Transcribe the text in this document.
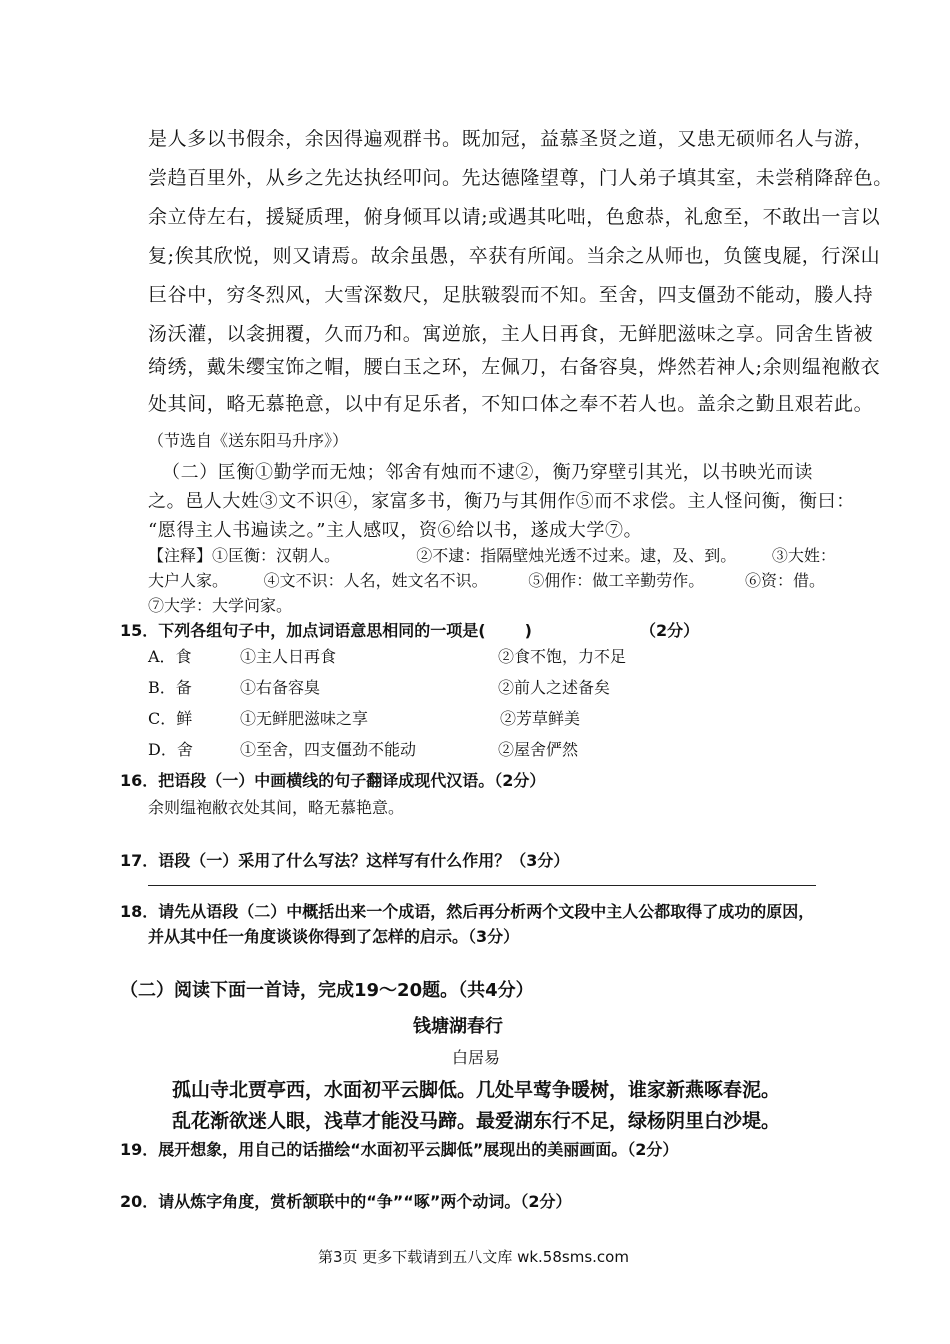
是人多以书假余，余因得遍观群书。既加冠，益慕圣贤之道，又患无硕师名人与游，
尝趋百里外，从乡之先达执经叩问。先达德隆望尊，门人弟子填其室，未尝稍降辞色。
余立侍左右，援疑质理，俯身倾耳以请;或遇其叱咄，色愈恭，礼愈至，不敢出一言以
复;俟其欣悦，则又请焉。故余虽愚，卒获有所闻。当余之从师也，负箧曳屣，行深山
巨谷中，穷冬烈风，大雪深数尺，足肤皲裂而不知。至舍，四支僵劲不能动，媵人持
汤沃灌，以衾拥覆，久而乃和。寓逆旅，主人日再食，无鲜肥滋味之享。同舍生皆被
绮绣，戴朱缨宝饰之帽，腰白玉之环，左佩刀，右备容臭，烨然若神人;余则缊袍敝衣
处其间，略无慕艳意，以中有足乐者，不知口体之奉不若人也。盖余之勤且艰若此。
（节选自《送东阳马升序》）
（二）匡衡①勤学而无烛；邻舍有烛而不逮②，衡乃穿壁引其光，以书映光而读
之。邑人大姓③文不识④，家富多书，衡乃与其佣作⑤而不求偿。主人怪问衡，衡曰：
“愿得主人书遍读之。”主人感叹，资⑥给以书，遂成大学⑦。
【注释】①匡衡：汉朝人。               ②不逮：指隔壁烛光透不过来。逮，及、到。       ③大姓：
大户人家。       ④文不识：人名，姓文名不识。        ⑤佣作：做工辛勤劳作。        ⑥资：借。
⑦大学：大学问家。
15．下列各组句子中，加点词语意思相同的一项是(       )	（2分）
A．食	①主人日再食	②食不饱，力不足
B．备	①右备容臭	②前人之述备矣
C．鲜	①无鲜肥滋味之享	②芳草鲜美
D．舍	①至舍，四支僵劲不能动	②屋舍俨然
16．把语段（一）中画横线的句子翻译成现代汉语。（2分）
余则缊袍敝衣处其间，略无慕艳意。
17．语段（一）采用了什么写法？这样写有什么作用？（3分）
18．请先从语段（二）中概括出来一个成语，然后再分析两个文段中主人公都取得了成功的原因，
并从其中任一角度谈谈你得到了怎样的启示。（3分）
（二）阅读下面一首诗，完成19～20题。（共4分）
钱塘湖春行
白居易
孤山寺北贾亭西，水面初平云脚低。几处早莺争暖树，谁家新燕啄春泥。
乱花渐欲迷人眼，浅草才能没马蹄。最爱湖东行不足，绿杨阴里白沙堤。
19．展开想象，用自己的话描绘“水面初平云脚低”展现出的美丽画面。（2分）
20．请从炼字角度，赏析颔联中的“争”“啄”两个动词。（2分）
第3页 更多下载请到五八文库 wk.58sms.com
